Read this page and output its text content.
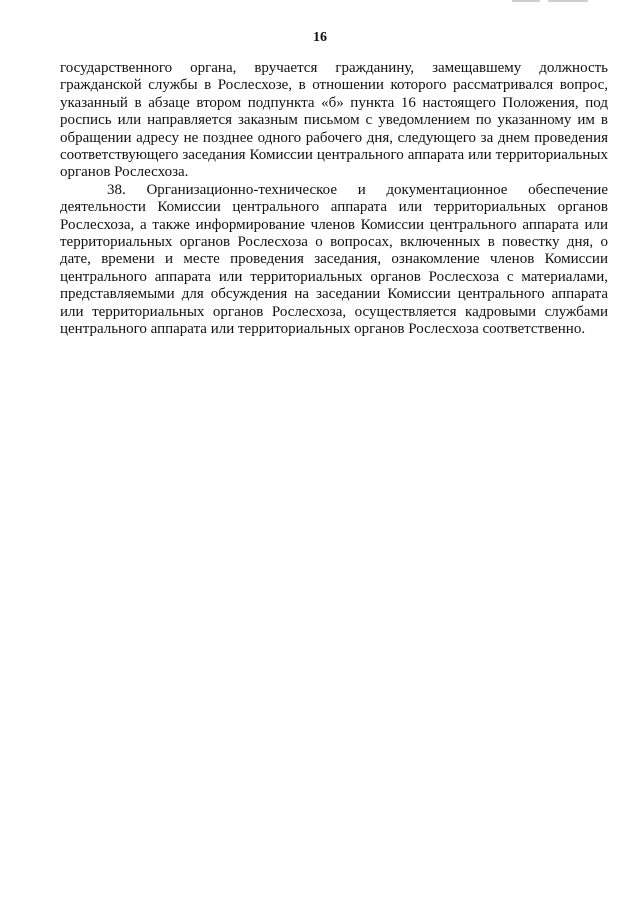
16

государственного органа, вручается гражданину, замещавшему должность гражданской службы в Рослесхозе, в отношении которого рассматривался вопрос, указанный в абзаце втором подпункта «б» пункта 16 настоящего Положения, под роспись или направляется заказным письмом с уведомлением по указанному им в обращении адресу не позднее одного рабочего дня, следующего за днем проведения соответствующего заседания Комиссии центрального аппарата или территориальных органов Рослесхоза.

38. Организационно-техническое и документационное обеспечение деятельности Комиссии центрального аппарата или территориальных органов Рослесхоза, а также информирование членов Комиссии центрального аппарата или территориальных органов Рослесхоза о вопросах, включенных в повестку дня, о дате, времени и месте проведения заседания, ознакомление членов Комиссии центрального аппарата или территориальных органов Рослесхоза с материалами, представляемыми для обсуждения на заседании Комиссии центрального аппарата или территориальных органов Рослесхоза, осуществляется кадровыми службами центрального аппарата или территориальных органов Рослесхоза соответственно.
